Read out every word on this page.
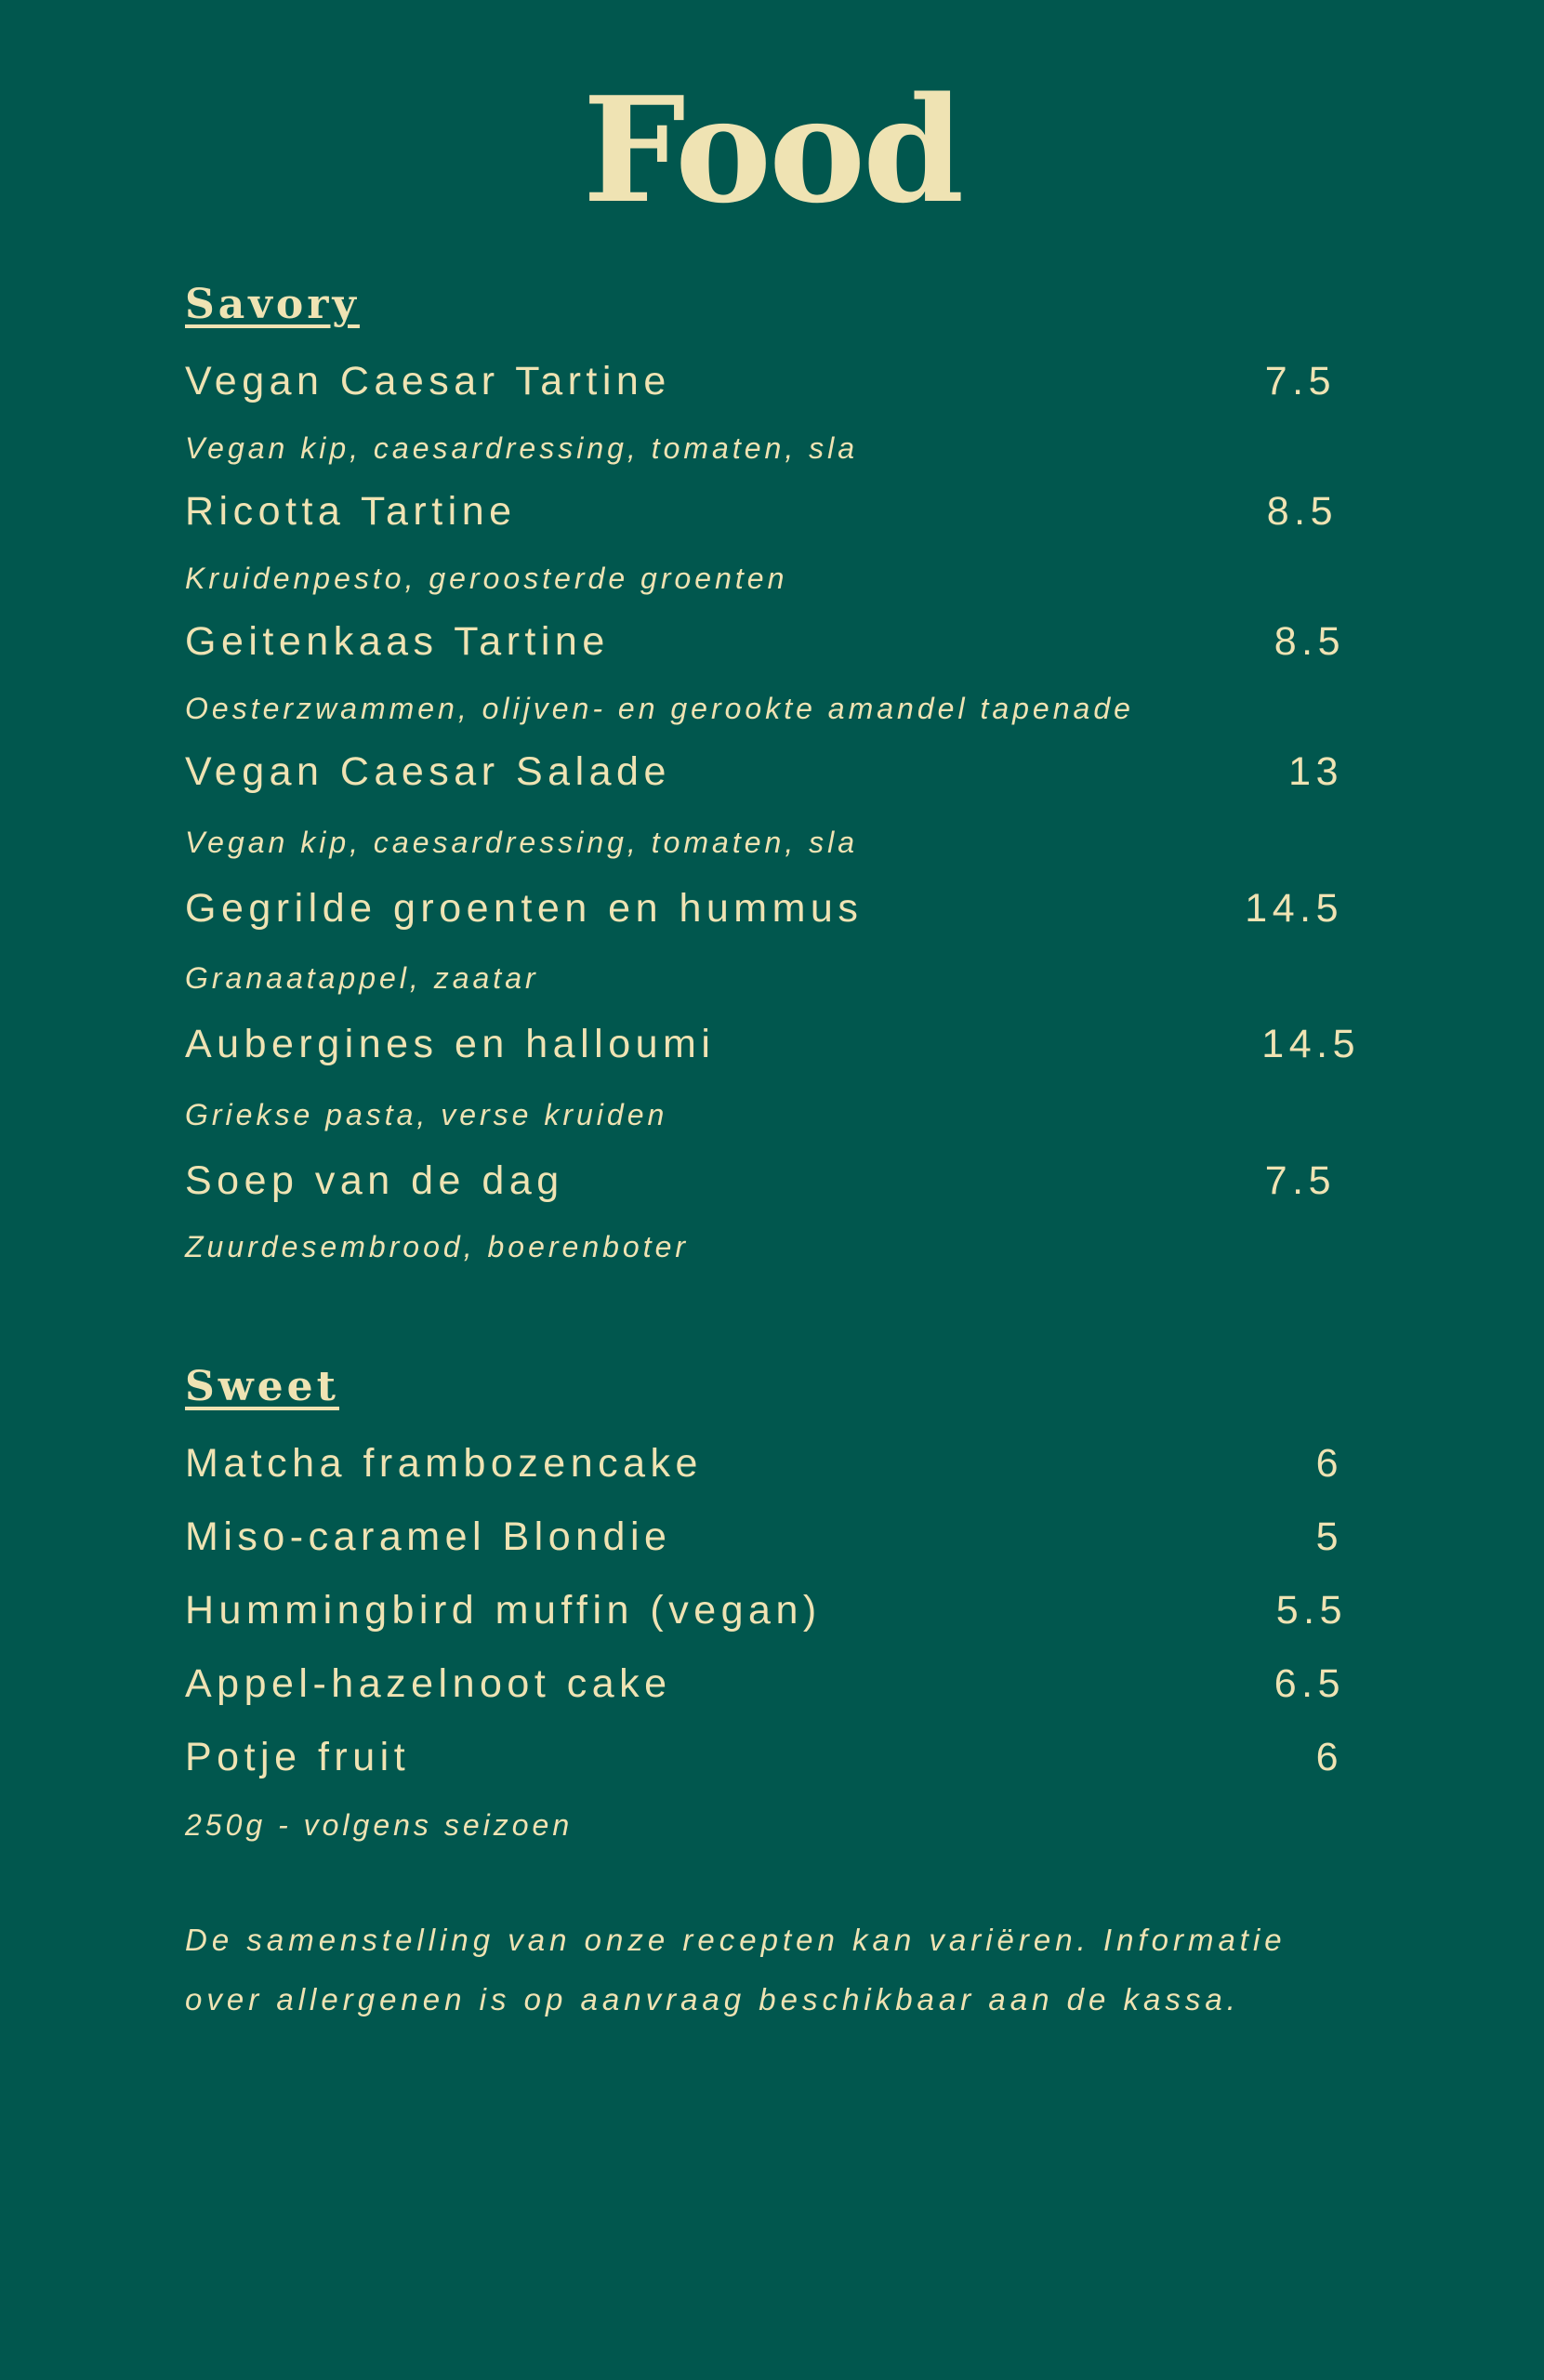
Food
Savory
Vegan Caesar Tartine	7.5
Vegan kip, caesardressing, tomaten, sla
Ricotta Tartine	8.5
Kruidenpesto, geroosterde groenten
Geitenkaas Tartine	8.5
Oesterzwammen, olijven- en gerookte amandel tapenade
Vegan Caesar Salade	13
Vegan kip, caesardressing, tomaten, sla
Gegrilde groenten en hummus	14.5
Granaatappel, zaatar
Aubergines en halloumi	14.5
Griekse pasta, verse kruiden
Soep van de dag	7.5
Zuurdesembrood, boerenboter
Sweet
Matcha frambozencake	6
Miso-caramel Blondie	5
Hummingbird muffin (vegan)	5.5
Appel-hazelnoot cake	6.5
Potje fruit	6
250g - volgens seizoen
De samenstelling van onze recepten kan variëren. Informatie
over allergenen is op aanvraag beschikbaar aan de kassa.
